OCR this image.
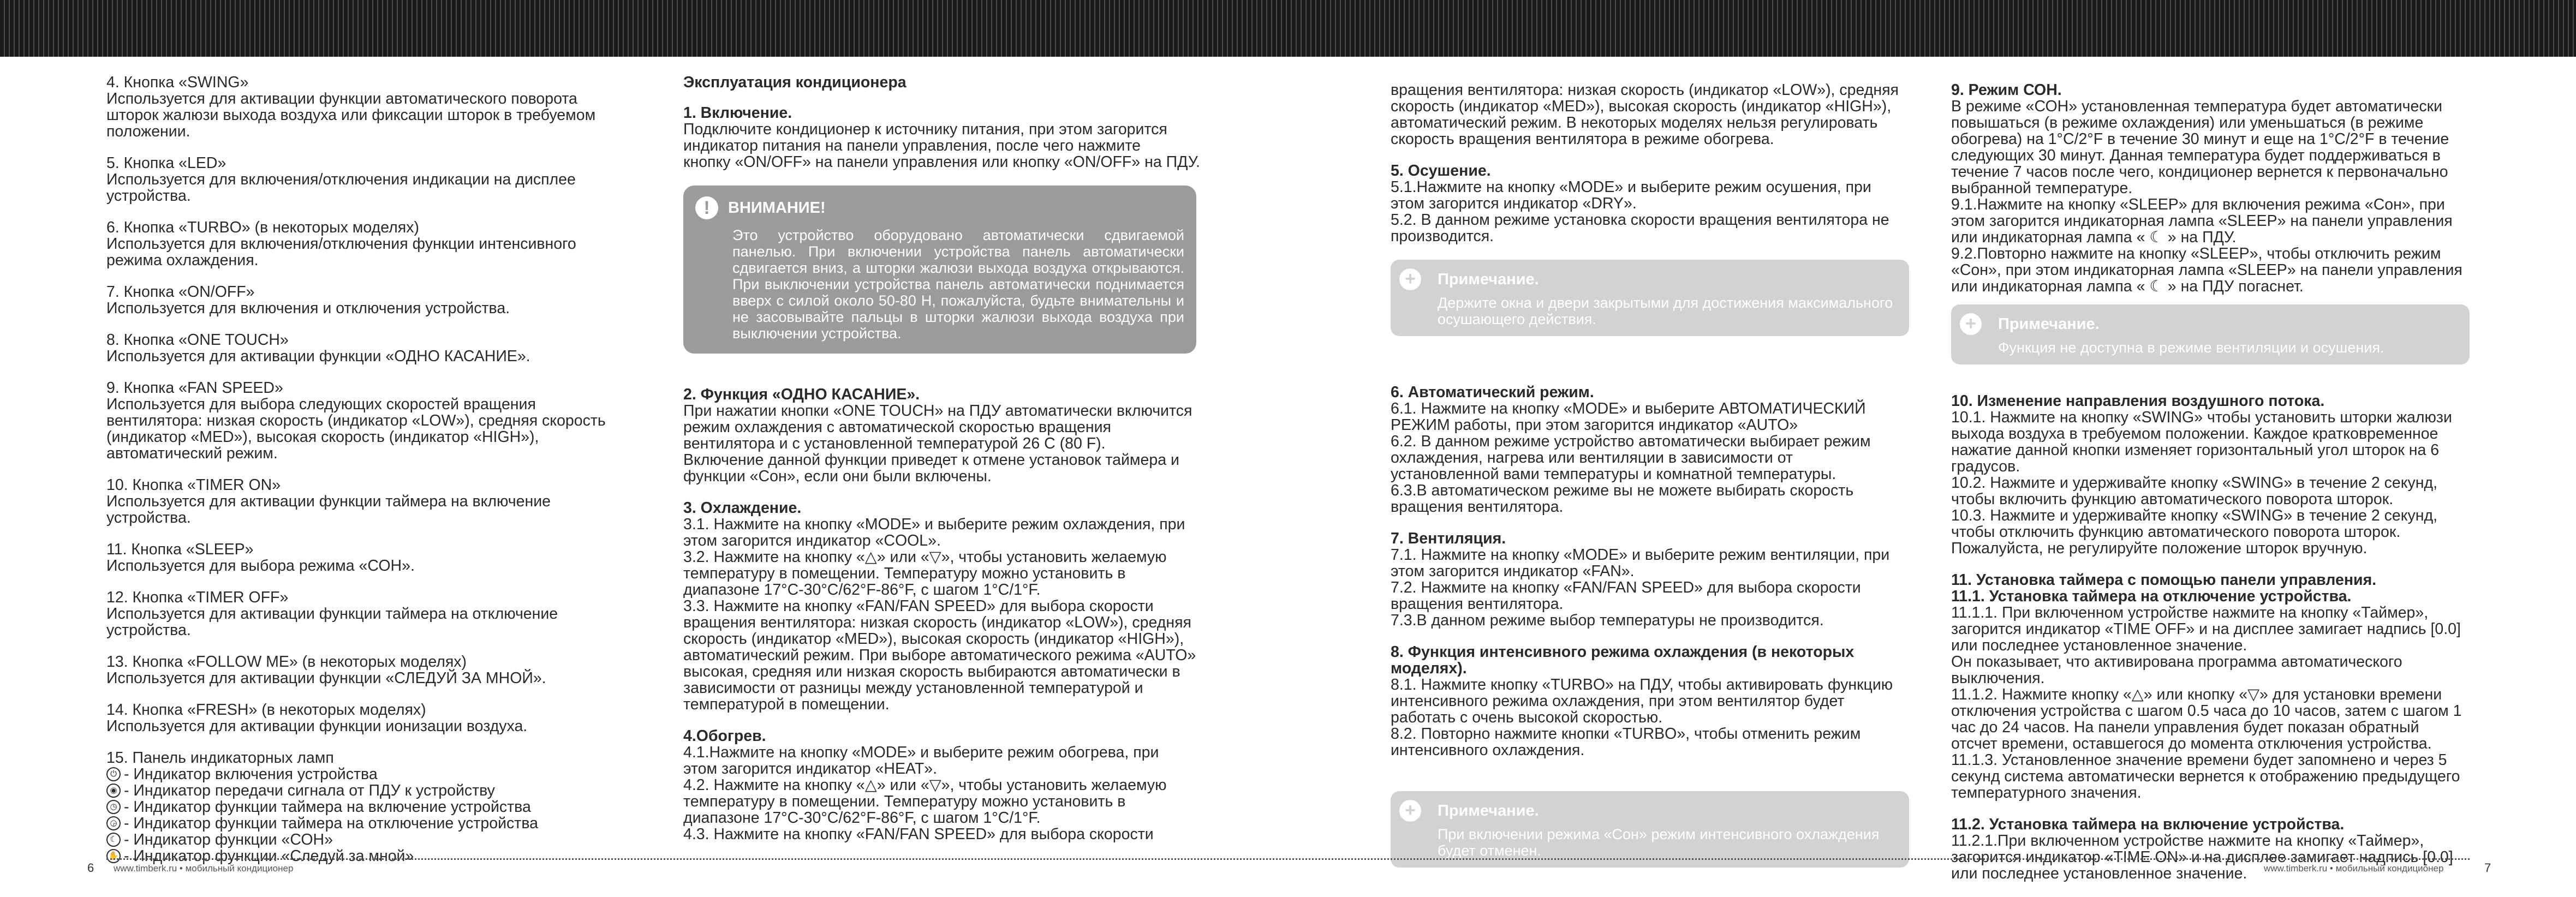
4. Кнопка «SWING»
Используется для активации функции автоматического поворота
шторок жалюзи выхода воздуха или фиксации шторок в требуемом
положении.
5. Кнопка «LED»
Используется для включения/отключения индикации на дисплее
устройства.
6. Кнопка «TURBO» (в некоторых моделях)
Используется для включения/отключения функции интенсивного
режима охлаждения.
7. Кнопка «ON/OFF»
Используется для включения и отключения устройства.
8. Кнопка «ONE TOUCH»
Используется для активации функции «ОДНО КАСАНИЕ».
9. Кнопка «FAN SPEED»
Используется для выбора следующих скоростей вращения
вентилятора: низкая скорость (индикатор «LOW»), средняя скорость
(индикатор «MED»), высокая скорость (индикатор «HIGH»),
автоматический режим.
10. Кнопка «TIMER ON»
Используется для активации функции таймера на включение
устройства.
11. Кнопка «SLEEP»
Используется для выбора режима «СОН».
12. Кнопка «TIMER OFF»
Используется для активации функции таймера на отключение
устройства.
13. Кнопка «FOLLOW ME» (в некоторых моделях)
Используется для активации функции «СЛЕДУЙ ЗА МНОЙ».
14. Кнопка «FRESH» (в некоторых моделях)
Используется для активации функции ионизации воздуха.
15. Панель индикаторных ламп
⏻ - Индикатор включения устройства
◉ - Индикатор передачи сигнала от ПДУ к устройству
◷ - Индикатор функции таймера на включение устройства
◶ - Индикатор функции таймера на отключение устройства
☾ - Индикатор функции «СОН»
✋ - Индикатор функции «Следуй за мной»
Эксплуатация кондиционера
1. Включение.
Подключите кондиционер к источнику питания, при этом загорится
индикатор питания на панели управления, после чего нажмите
кнопку «ON/OFF» на панели управления или кнопку «ON/OFF» на ПДУ.
!	ВНИМАНИЕ!
Это устройство оборудовано автоматически сдвигаемой панелью. При включении устройства панель автоматически сдвигается вниз, а шторки жалюзи выхода воздуха открываются. При выключении устройства панель автоматически поднимается вверх с силой около 50-80 Н, пожалуйста, будьте внимательны и не засовывайте пальцы в шторки жалюзи выхода воздуха при выключении устройства.
2. Функция «ОДНО КАСАНИЕ».
При нажатии кнопки «ONE TOUCH» на ПДУ автоматически включится
режим охлаждения с автоматической скоростью вращения
вентилятора и с установленной температурой 26 C (80 F).
Включение данной функции приведет к отмене установок таймера и
функции «Сон», если они были включены.
3. Охлаждение.
3.1. Нажмите на кнопку «MODE» и выберите режим охлаждения, при
этом загорится индикатор «COOL».
3.2. Нажмите на кнопку «△» или «▽», чтобы установить желаемую
температуру в помещении. Температуру можно установить в
диапазоне 17°C-30°C/62°F-86°F, с шагом 1°C/1°F.
3.3. Нажмите на кнопку «FAN/FAN SPEED» для выбора скорости
вращения вентилятора: низкая скорость (индикатор «LOW»), средняя
скорость (индикатор «MED»), высокая скорость (индикатор «HIGH»),
автоматический режим. При выборе автоматического режима «AUTO»
высокая, средняя или низкая скорость выбираются автоматически в
зависимости от разницы между установленной температурой и
температурой в помещении.
4.Обогрев.
4.1.Нажмите на кнопку «MODE» и выберите режим обогрева, при
этом загорится индикатор «HEAT».
4.2. Нажмите на кнопку «△» или «▽», чтобы установить желаемую
температуру в помещении. Температуру можно установить в
диапазоне 17°C-30°C/62°F-86°F, с шагом 1°C/1°F.
4.3. Нажмите на кнопку «FAN/FAN SPEED» для выбора скорости
вращения вентилятора: низкая скорость (индикатор «LOW»), средняя
скорость (индикатор «MED»), высокая скорость (индикатор «HIGH»),
автоматический режим. В некоторых моделях нельзя регулировать
скорость вращения вентилятора в режиме обогрева.
5. Осушение.
5.1.Нажмите на кнопку «MODE» и выберите режим осушения, при
этом загорится индикатор «DRY».
5.2. В данном режиме установка скорости вращения вентилятора не
производится.
+	Примечание.
Держите окна и двери закрытыми для достижения максимального осушающего действия.
6. Автоматический режим.
6.1. Нажмите на кнопку «MODE» и выберите АВТОМАТИЧЕСКИЙ
РЕЖИМ работы, при этом загорится индикатор «AUTO»
6.2. В данном режиме устройство автоматически выбирает режим
охлаждения, нагрева или вентиляции в зависимости от
установленной вами температуры и комнатной температуры.
6.3.В автоматическом режиме вы не можете выбирать скорость
вращения вентилятора.
7. Вентиляция.
7.1. Нажмите на кнопку «MODE» и выберите режим вентиляции, при
этом загорится индикатор «FAN».
7.2. Нажмите на кнопку «FAN/FAN SPEED» для выбора скорости
вращения вентилятора.
7.3.В данном режиме выбор температуры не производится.
8. Функция интенсивного режима охлаждения (в некоторых моделях).
8.1. Нажмите кнопку «TURBO» на ПДУ, чтобы активировать функцию
интенсивного режима охлаждения, при этом вентилятор будет
работать с очень высокой скоростью.
8.2. Повторно нажмите кнопки «TURBO», чтобы отменить режим
интенсивного охлаждения.
+	Примечание.
При включении режима «Сон» режим интенсивного охлаждения будет отменен.
9. Режим СОН.
В режиме «СОН» установленная температура будет автоматически
повышаться (в режиме охлаждения) или уменьшаться (в режиме
обогрева) на 1°C/2°F в течение 30 минут и еще на 1°C/2°F в течение
следующих 30 минут. Данная температура будет поддерживаться в
течение 7 часов после чего, кондиционер вернется к первоначально
выбранной температуре.
9.1.Нажмите на кнопку «SLEEP» для включения режима «Сон», при
этом загорится индикаторная лампа «SLEEP» на панели управления
или индикаторная лампа « ☾ » на ПДУ.
9.2.Повторно нажмите на кнопку «SLEEP», чтобы отключить режим
«Сон», при этом индикаторная лампа «SLEEP» на панели управления
или индикаторная лампа « ☾ » на ПДУ погаснет.
+	Примечание.
Функция не доступна в режиме вентиляции и осушения.
10. Изменение направления воздушного потока.
10.1. Нажмите на кнопку «SWING» чтобы установить шторки жалюзи
выхода воздуха в требуемом положении. Каждое кратковременное
нажатие данной кнопки изменяет горизонтальный угол шторок на 6
градусов.
10.2. Нажмите и удерживайте кнопку «SWING» в течение 2 секунд,
чтобы включить функцию автоматического поворота шторок.
10.3. Нажмите и удерживайте кнопку «SWING» в течение 2 секунд,
чтобы отключить функцию автоматического поворота шторок.
Пожалуйста, не регулируйте положение шторок вручную.
11. Установка таймера с помощью панели управления.
11.1. Установка таймера на отключение устройства.
11.1.1. При включенном устройстве нажмите на кнопку «Таймер»,
загорится индикатор «TIME OFF» и на дисплее замигает надпись [0.0]
или последнее установленное значение.
Он показывает, что активирована программа автоматического
выключения.
11.1.2. Нажмите кнопку «△» или кнопку «▽» для установки времени
отключения устройства с шагом 0.5 часа до 10 часов, затем с шагом 1
час до 24 часов. На панели управления будет показан обратный
отсчет времени, оставшегося до момента отключения устройства.
11.1.3. Установленное значение времени будет запомнено и через 5
секунд система автоматически вернется к отображению предыдущего
температурного значения.
11.2. Установка таймера на включение устройства.
11.2.1.При включенном устройстве нажмите на кнопку «Таймер»,
загорится индикатор «TIME ON» и на дисплее замигает надпись [0.0]
или последнее установленное значение.
6 www.timberk.ru • мобильный кондиционер	www.timberk.ru • мобильный кондиционер	7
